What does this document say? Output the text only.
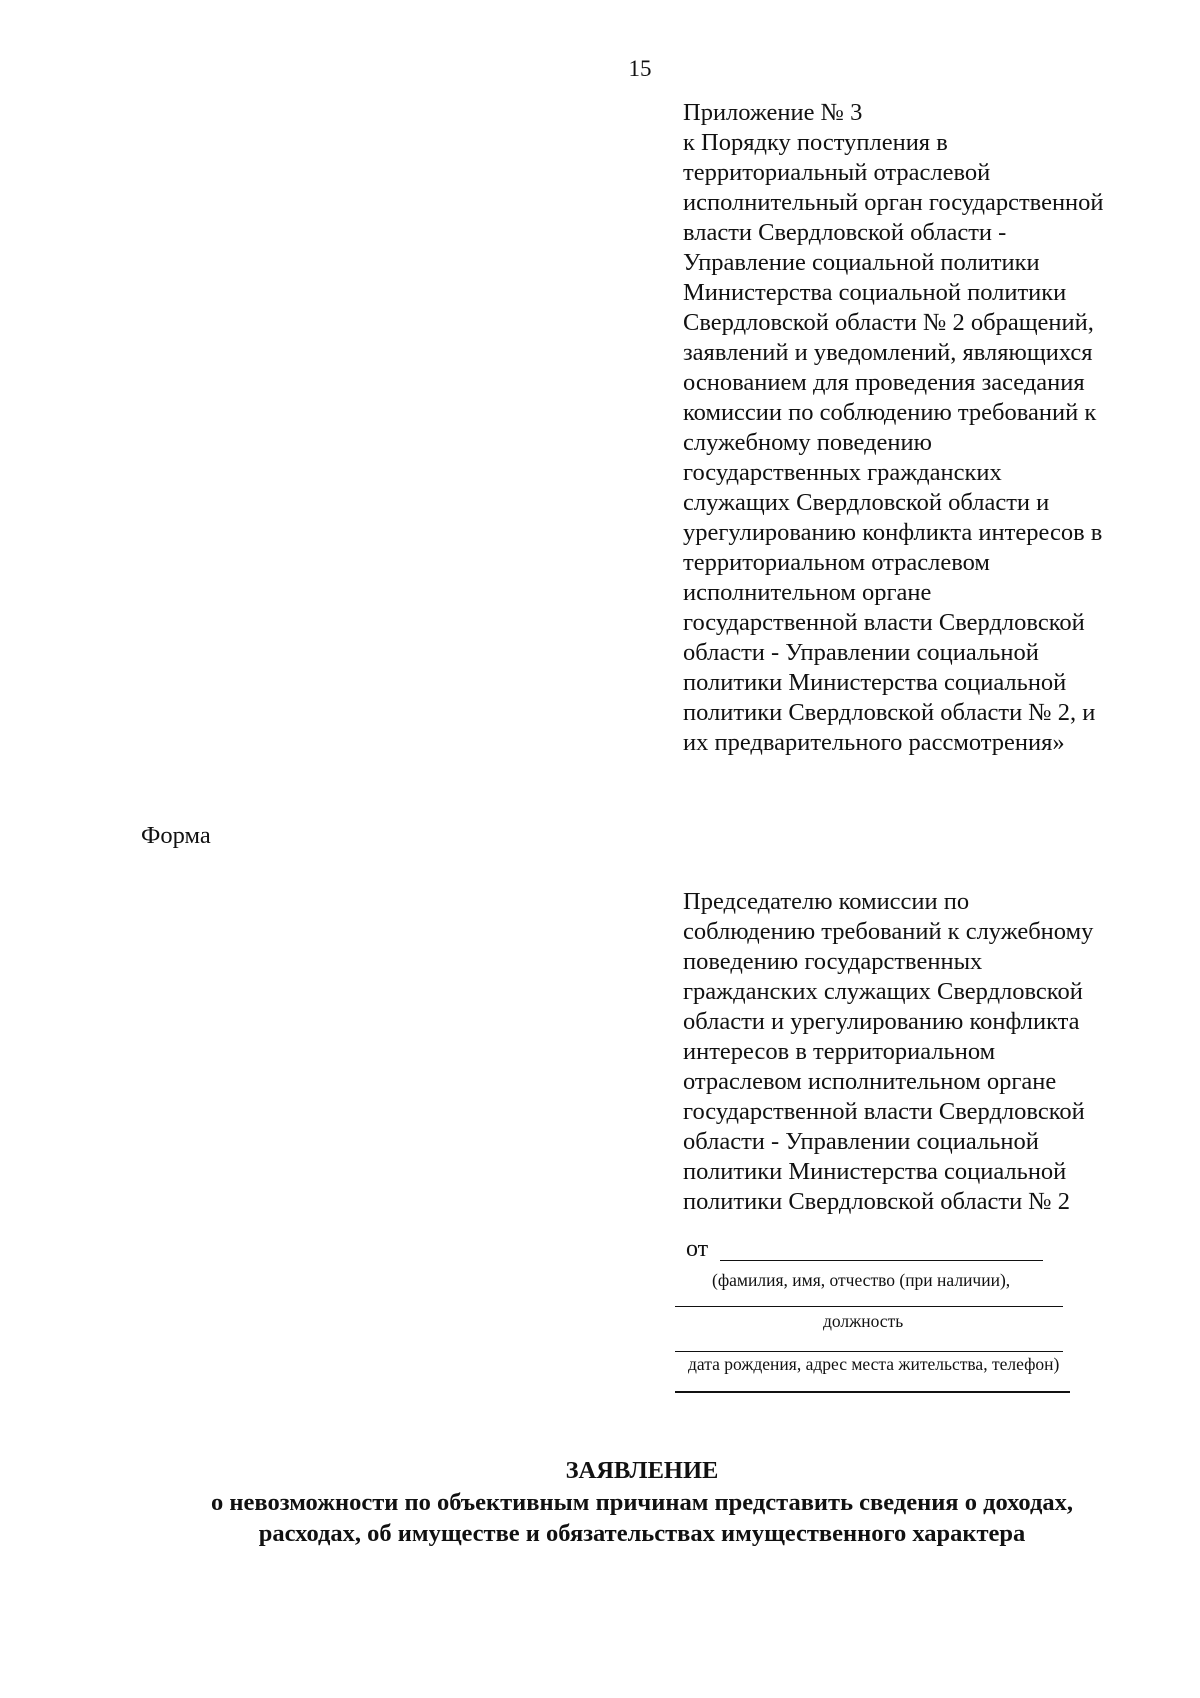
15
Приложение № 3
к Порядку поступления в
территориальный отраслевой
исполнительный орган государственной
власти Свердловской области -
Управление социальной политики
Министерства социальной политики
Свердловской области № 2 обращений,
заявлений и уведомлений, являющихся
основанием для проведения заседания
комиссии по соблюдению требований к
служебному поведению
государственных гражданских
служащих Свердловской области и
урегулированию конфликта интересов в
территориальном отраслевом
исполнительном органе
государственной власти Свердловской
области - Управлении социальной
политики Министерства социальной
политики Свердловской области № 2, и
их предварительного рассмотрения»
Форма
Председателю комиссии по
соблюдению требований к служебному
поведению государственных
гражданских служащих Свердловской
области и урегулированию конфликта
интересов в территориальном
отраслевом исполнительном органе
государственной власти Свердловской
области - Управлении социальной
политики Министерства социальной
политики Свердловской области № 2
от
(фамилия, имя, отчество (при наличии),
должность
дата рождения, адрес места жительства, телефон)
ЗАЯВЛЕНИЕ
о невозможности по объективным причинам представить сведения о доходах,
расходах, об имуществе и обязательствах имущественного характера
